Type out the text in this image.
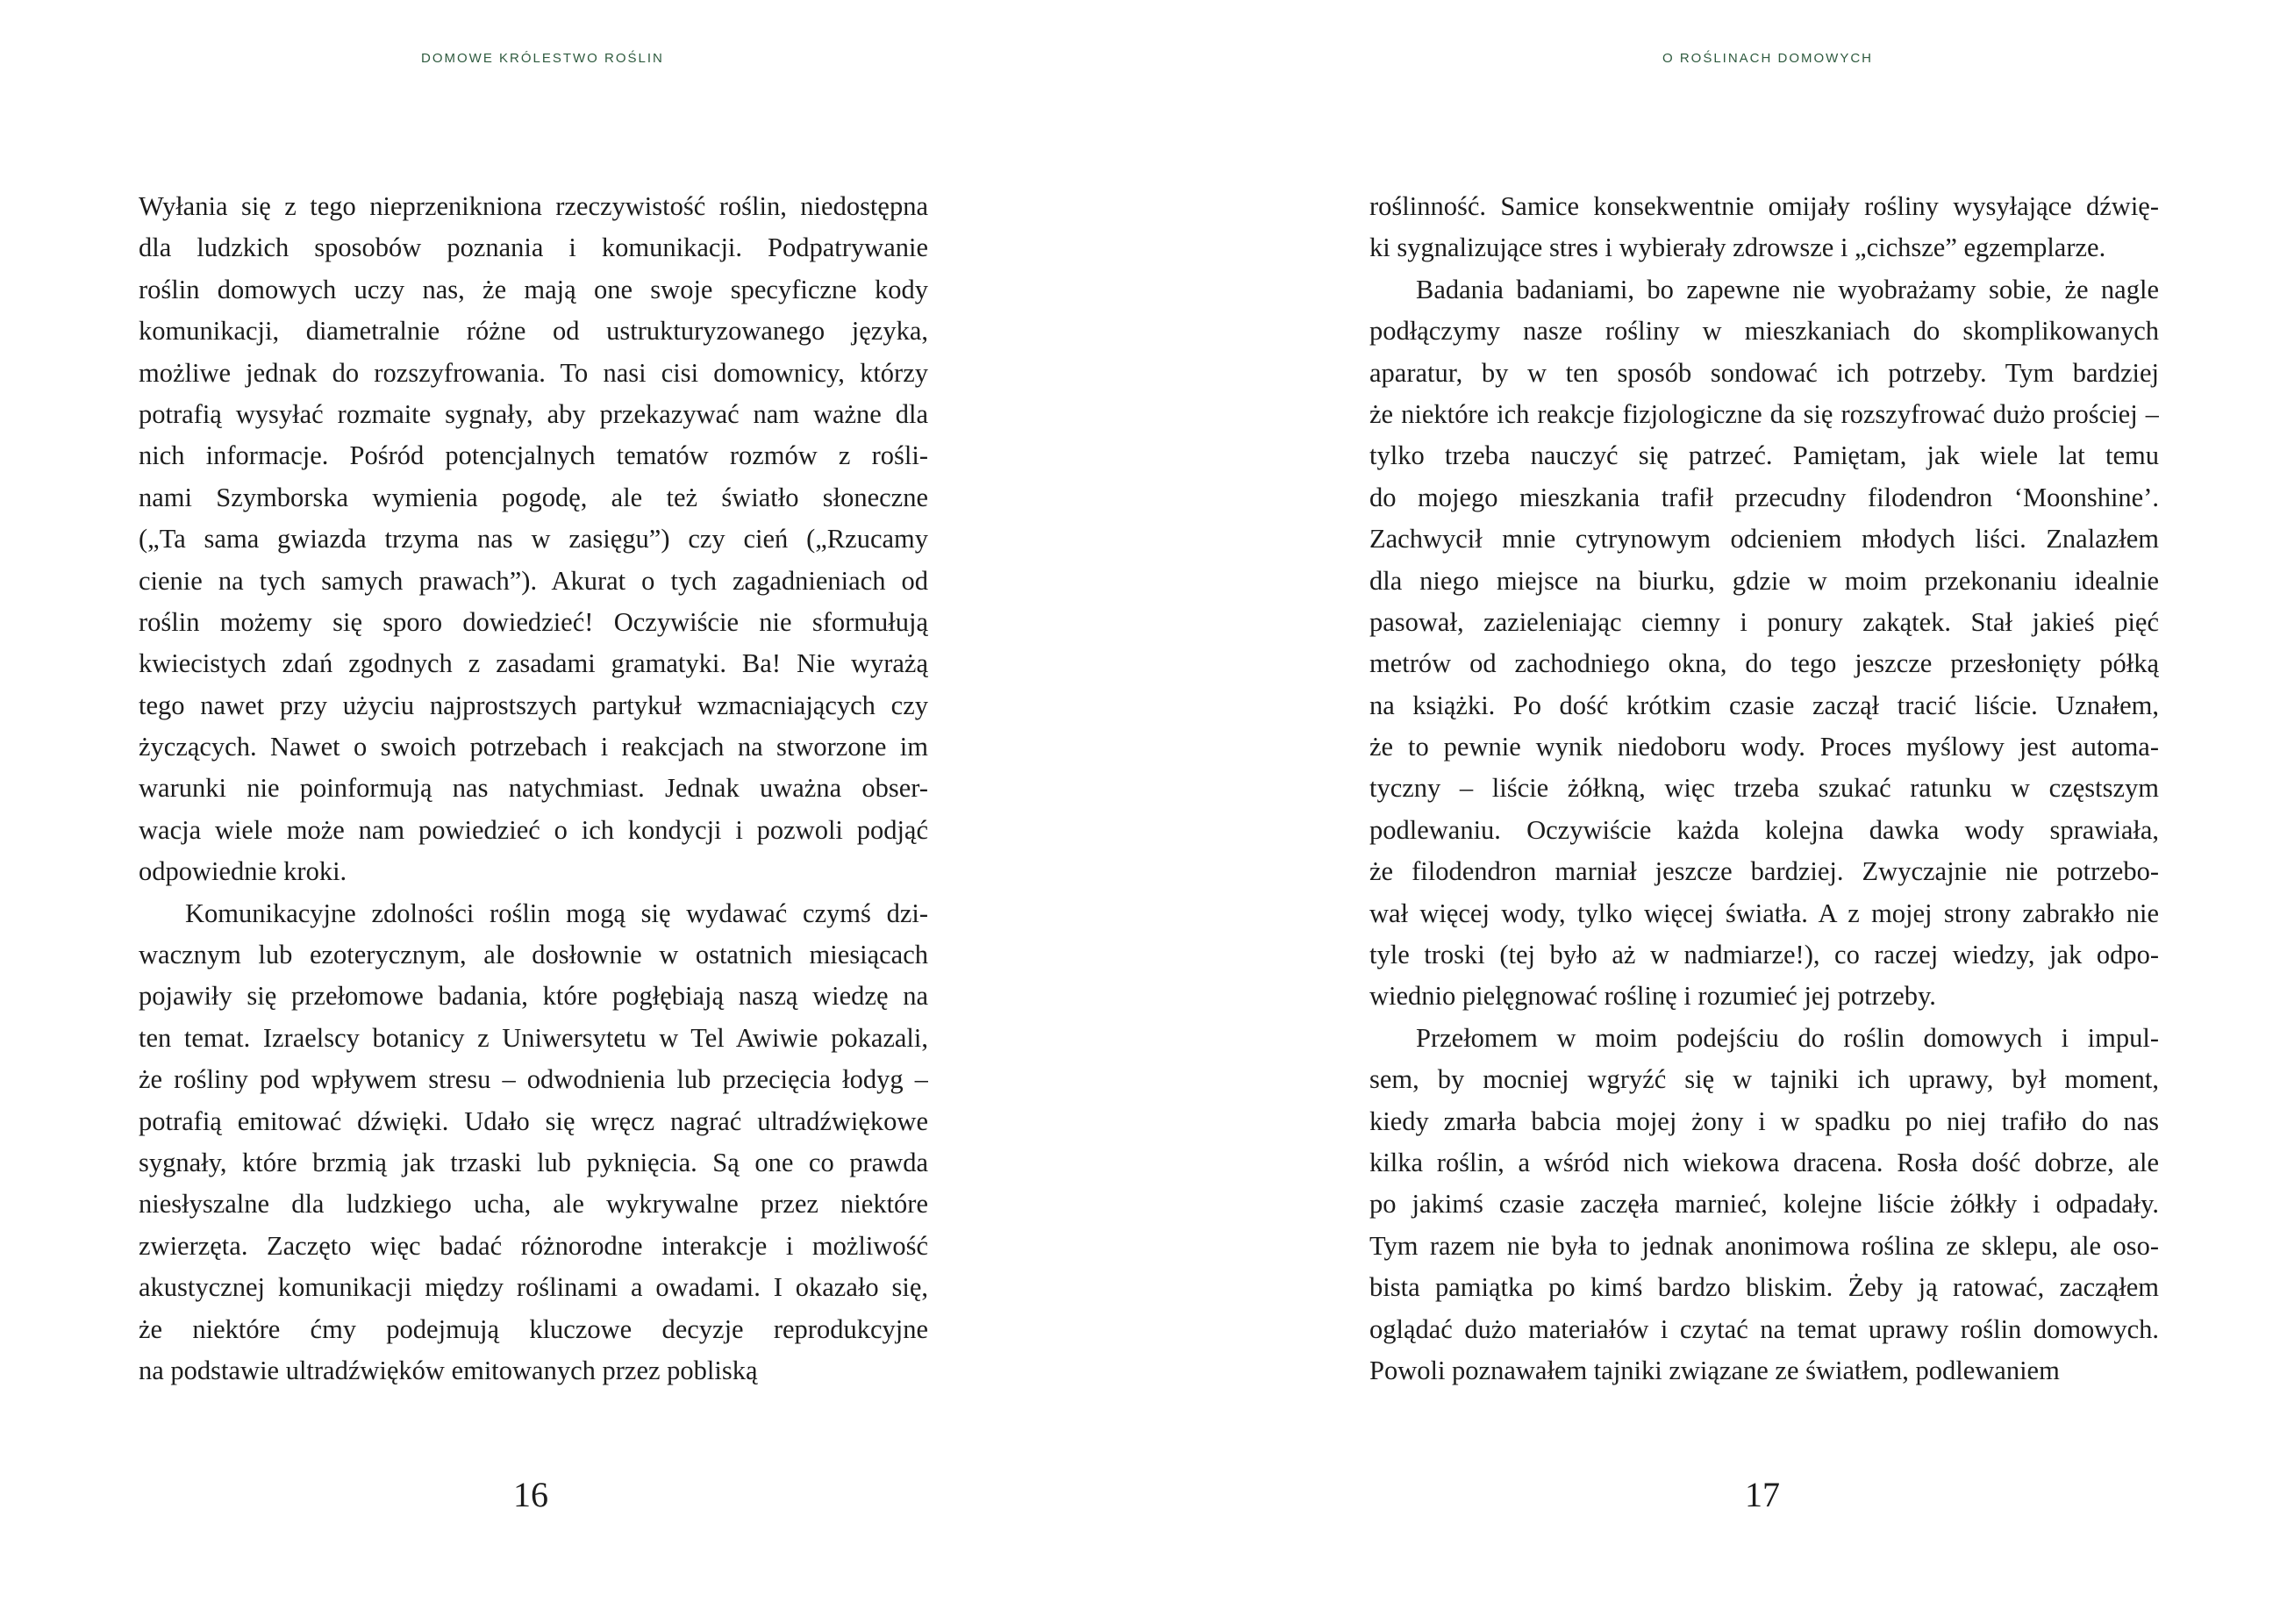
DOMOWE KRÓLESTWO ROŚLIN
Wyłania się z tego nieprzenikniona rzeczywistość roślin, niedostępna
dla ludzkich sposobów poznania i komunikacji. Podpatrywanie
roślin domowych uczy nas, że mają one swoje specyficzne kody
komunikacji, diametralnie różne od ustrukturyzowanego języka,
możliwe jednak do rozszyfrowania. To nasi cisi domownicy, którzy
potrafią wysyłać rozmaite sygnały, aby przekazywać nam ważne dla
nich informacje. Pośród potencjalnych tematów rozmów z rośli-
nami Szymborska wymienia pogodę, ale też światło słoneczne
(„Ta sama gwiazda trzyma nas w zasięgu”) czy cień („Rzucamy
cienie na tych samych prawach”). Akurat o tych zagadnieniach od
roślin możemy się sporo dowiedzieć! Oczywiście nie sformułują
kwiecistych zdań zgodnych z zasadami gramatyki. Ba! Nie wyrażą
tego nawet przy użyciu najprostszych partykuł wzmacniających czy
życzących. Nawet o swoich potrzebach i reakcjach na stworzone im
warunki nie poinformują nas natychmiast. Jednak uważna obser-
wacja wiele może nam powiedzieć o ich kondycji i pozwoli podjąć
odpowiednie kroki.
Komunikacyjne zdolności roślin mogą się wydawać czymś dzi-
wacznym lub ezoterycznym, ale dosłownie w ostatnich miesiącach
pojawiły się przełomowe badania, które pogłębiają naszą wiedzę na
ten temat. Izraelscy botanicy z Uniwersytetu w Tel Awiwie pokazali,
że rośliny pod wpływem stresu – odwodnienia lub przecięcia łodyg –
potrafią emitować dźwięki. Udało się wręcz nagrać ultradźwiękowe
sygnały, które brzmią jak trzaski lub pyknięcia. Są one co prawda
niesłyszalne dla ludzkiego ucha, ale wykrywalne przez niektóre
zwierzęta. Zaczęto więc badać różnorodne interakcje i możliwość
akustycznej komunikacji między roślinami a owadami. I okazało się,
że niektóre ćmy podejmują kluczowe decyzje reprodukcyjne
na podstawie ultradźwięków emitowanych przez pobliską
16
O ROŚLINACH DOMOWYCH
roślinność. Samice konsekwentnie omijały rośliny wysyłające dźwię-
ki sygnalizujące stres i wybierały zdrowsze i „cichsze” egzemplarze.
Badania badaniami, bo zapewne nie wyobrażamy sobie, że nagle
podłączymy nasze rośliny w mieszkaniach do skomplikowanych
aparatur, by w ten sposób sondować ich potrzeby. Tym bardziej
że niektóre ich reakcje fizjologiczne da się rozszyfrować dużo prościej –
tylko trzeba nauczyć się patrzeć. Pamiętam, jak wiele lat temu
do mojego mieszkania trafił przecudny filodendron ‘Moonshine’.
Zachwycił mnie cytrynowym odcieniem młodych liści. Znalazłem
dla niego miejsce na biurku, gdzie w moim przekonaniu idealnie
pasował, zazieleniając ciemny i ponury zakątek. Stał jakieś pięć
metrów od zachodniego okna, do tego jeszcze przesłonięty półką
na książki. Po dość krótkim czasie zaczął tracić liście. Uznałem,
że to pewnie wynik niedoboru wody. Proces myślowy jest automa-
tyczny – liście żółkną, więc trzeba szukać ratunku w częstszym
podlewaniu. Oczywiście każda kolejna dawka wody sprawiała,
że filodendron marniał jeszcze bardziej. Zwyczajnie nie potrzebo-
wał więcej wody, tylko więcej światła. A z mojej strony zabrakło nie
tyle troski (tej było aż w nadmiarze!), co raczej wiedzy, jak odpo-
wiednio pielęgnować roślinę i rozumieć jej potrzeby.
Przełomem w moim podejściu do roślin domowych i impul-
sem, by mocniej wgryźć się w tajniki ich uprawy, był moment,
kiedy zmarła babcia mojej żony i w spadku po niej trafiło do nas
kilka roślin, a wśród nich wiekowa dracena. Rosła dość dobrze, ale
po jakimś czasie zaczęła marnieć, kolejne liście żółkły i odpadały.
Tym razem nie była to jednak anonimowa roślina ze sklepu, ale oso-
bista pamiątka po kimś bardzo bliskim. Żeby ją ratować, zacząłem
oglądać dużo materiałów i czytać na temat uprawy roślin domowych.
Powoli poznawałem tajniki związane ze światłem, podlewaniem
17
